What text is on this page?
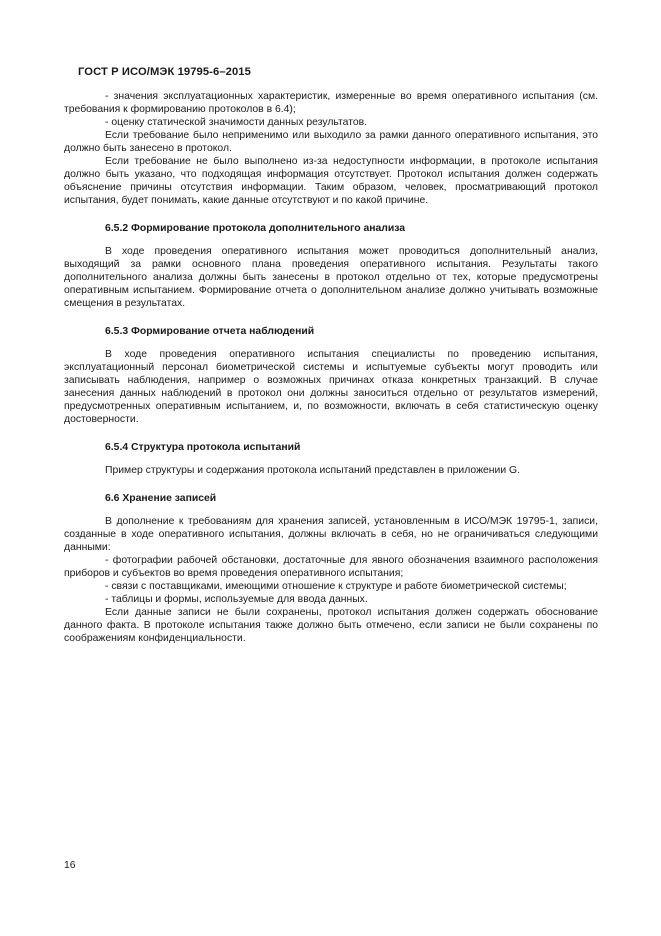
ГОСТ Р ИСО/МЭК 19795-6–2015

- значения эксплуатационных характеристик, измеренные во время оперативного испытания (см. требования к формированию протоколов в 6.4);

- оценку статической значимости данных результатов.

Если требование было неприменимо или выходило за рамки данного оперативного испытания, это должно быть занесено в протокол.

Если требование не было выполнено из-за недоступности информации, в протоколе испытания должно быть указано, что подходящая информация отсутствует. Протокол испытания должен содержать объяснение причины отсутствия информации. Таким образом, человек, просматривающий протокол испытания, будет понимать, какие данные отсутствуют и по какой причине.

6.5.2 Формирование протокола дополнительного анализа

В ходе проведения оперативного испытания может проводиться дополнительный анализ, выходящий за рамки основного плана проведения оперативного испытания. Результаты такого дополнительного анализа должны быть занесены в протокол отдельно от тех, которые предусмотрены оперативным испытанием. Формирование отчета о дополнительном анализе должно учитывать возможные смещения в результатах.

6.5.3 Формирование отчета наблюдений

В ходе проведения оперативного испытания специалисты по проведению испытания, эксплуатационный персонал биометрической системы и испытуемые субъекты могут проводить или записывать наблюдения, например о возможных причинах отказа конкретных транзакций. В случае занесения данных наблюдений в протокол они должны заноситься отдельно от результатов измерений, предусмотренных оперативным испытанием, и, по возможности, включать в себя статистическую оценку достоверности.

6.5.4 Структура протокола испытаний

Пример структуры и содержания протокола испытаний представлен в приложении G.

6.6 Хранение записей

В дополнение к требованиям для хранения записей, установленным в ИСО/МЭК 19795-1, записи, созданные в ходе оперативного испытания, должны включать в себя, но не ограничиваться следующими данными:

- фотографии рабочей обстановки, достаточные для явного обозначения взаимного расположения приборов и субъектов во время проведения оперативного испытания;

- связи с поставщиками, имеющими отношение к структуре и работе биометрической системы;

- таблицы и формы, используемые для ввода данных.

Если данные записи не были сохранены, протокол испытания должен содержать обоснование данного факта. В протоколе испытания также должно быть отмечено, если записи не были сохранены по соображениям конфиденциальности.

16
